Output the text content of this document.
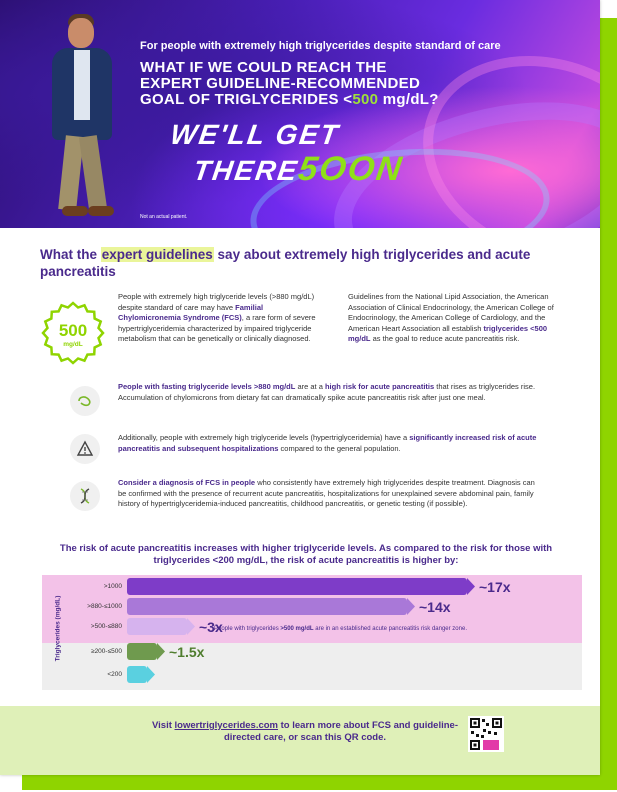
For people with extremely high triglycerides despite standard of care
WHAT IF WE COULD REACH THE
EXPERT GUIDELINE-RECOMMENDED
GOAL OF TRIGLYCERIDES <500 mg/dL?
WE'LL GET
THERE5OON
Not an actual patient.
What the expert guidelines say about extremely high triglycerides and acute pancreatitis
500
mg/dL
People with extremely high triglyceride levels (>880 mg/dL) despite standard of care may have Familial Chylomicronemia Syndrome (FCS), a rare form of severe hypertriglyceridemia characterized by impaired triglyceride metabolism that can be genetically or clinically diagnosed.
Guidelines from the National Lipid Association, the American Association of Clinical Endocrinology, the American College of Endocrinology, the American College of Cardiology, and the American Heart Association all establish triglycerides <500 mg/dL as the goal to reduce acute pancreatitis risk.
People with fasting triglyceride levels >880 mg/dL are at a high risk for acute pancreatitis that rises as triglycerides rise. Accumulation of chylomicrons from dietary fat can dramatically spike acute pancreatitis risk after just one meal.
Additionally, people with extremely high triglyceride levels (hypertriglyceridemia) have a significantly increased risk of acute pancreatitis and subsequent hospitalizations compared to the general population.
Consider a diagnosis of FCS in people who consistently have extremely high triglycerides despite treatment. Diagnosis can be confirmed with the presence of recurrent acute pancreatitis, hospitalizations for unexplained severe abdominal pain, family history of hypertriglyceridemia-induced pancreatitis, childhood pancreatitis, or genetic testing (if possible).
The risk of acute pancreatitis increases with higher triglyceride levels. As compared to the risk for those with triglycerides <200 mg/dL, the risk of acute pancreatitis is higher by:
Triglycerides (mg/dL)
>1000
>880-≤1000
>500-≤880
≥200-≤500
<200
~17x
~14x
~3x
~1.5x
People with triglycerides >500 mg/dL are in an established acute pancreatitis risk danger zone.
Visit lowertriglycerides.com to learn more about FCS and guideline-directed care, or scan this QR code.
